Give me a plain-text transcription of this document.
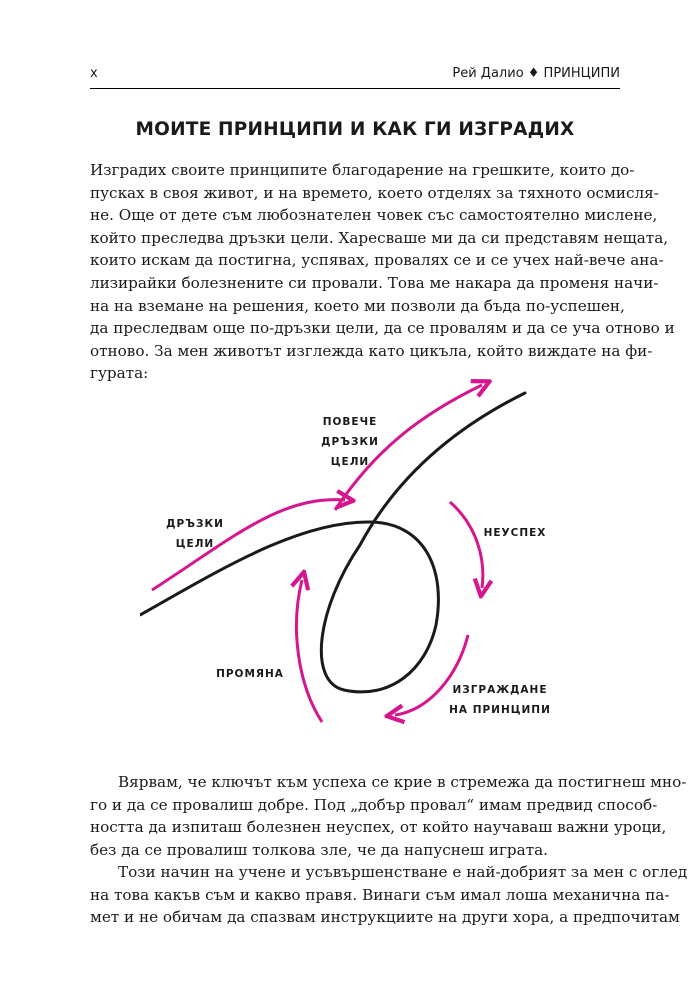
x	Рей Далио ♦ ПРИНЦИПИ
МОИТЕ ПРИНЦИПИ И КАК ГИ ИЗГРАДИХ

Изградих своите принципите благодарение на грешките, които до-
пусках в своя живот, и на времето, което отделях за тяхното осмисля-
не. Още от дете съм любознателен човек със самостоятелно мислене,
който преследва дръзки цели. Харесваше ми да си представям нещата,
които искам да постигна, успявах, провалях се и се учех най-вече ана-
лизирайки болезнените си провали. Това ме накара да променя начи-
на на вземане на решения, което ми позволи да бъда по-успешен,
да преследвам още по-дръзки цели, да се провалям и да се уча отново и
отново. За мен животът изглежда като цикъла, който виждате на фи-
гурата:

ПОВЕЧЕ ДРЪЗКИ
ЦЕЛИ
ДРЪЗКИ
ЦЕЛИ
НЕУСПЕХ
ПРОМЯНА
ИЗГРАЖДАНЕ
НА ПРИНЦИПИ

Вярвам, че ключът към успеха се крие в стремежа да постигнеш мно-
го и да се провалиш добре. Под „добър провал“ имам предвид способ-
ността да изпиташ болезнен неуспех, от който научаваш важни уроци,
без да се провалиш толкова зле, че да напуснеш играта.

Този начин на учене и усъвършенстване е най-добрият за мен с оглед
на това какъв съм и какво правя. Винаги съм имал лоша механична па-
мет и не обичам да спазвам инструкциите на други хора, а предпочитам
